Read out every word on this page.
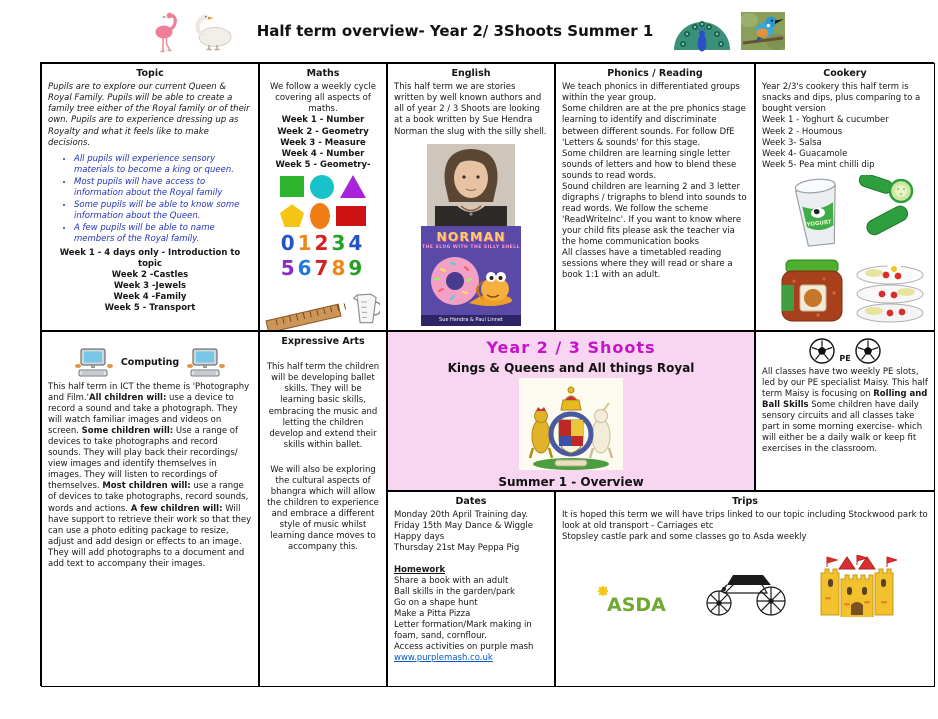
Half term overview- Year 2/ 3Shoots Summer 1
Topic
Pupils are to explore our current Queen & Royal Family. Pupils will be able to create a family tree either of the Royal family or of their own. Pupils are to experience dressing up as Royalty and what it feels like to make decisions.
• All pupils will experience sensory materials to become a king or queen.
• Most pupils will have access to information about the Royal family
• Some pupils will be able to know some information about the Queen.
• A few pupils will be able to name members of the Royal family.
Week 1 - 4 days only - Introduction to topic
Week 2 -Castles
Week 3 -Jewels
Week 4 -Family
Week 5 - Transport
Maths
We follow a weekly cycle covering all aspects of maths.
Week 1 - Number
Week 2 - Geometry
Week 3 - Measure
Week 4 - Number
Week 5 - Geometry-
01234
56789
English
This half term we are stories written by well known authors and all of year 2 / 3 Shoots are looking at a book written by Sue Hendra Norman the slug with the silly shell.
NORMAN
THE SLUG WITH THE SILLY SHELL
Sue Hendra & Paul Linnet
Phonics / Reading

We teach phonics in differentiated groups within the year group.

Some children are at the pre phonics stage learning to identify and discriminate between different sounds. For follow DfE 'Letters & sounds' for this stage.

Some children are learning single letter sounds of letters and how to blend these sounds to read words.

Sound children are learning 2 and 3 letter digraphs / trigraphs to blend into sounds to read words. We follow the scheme 'ReadWriteInc'. If you want to know where your child fits please ask the teacher via the home communication books

All classes have a timetabled reading sessions where they will read or share a book 1:1 with an adult.

Cookery
Year 2/3's cookery this half term is snacks and dips, plus comparing to a bought version
Week 1 - Yoghurt & cucumber
Week 2 - Houmous
Week 3- Salsa
Week 4- Guacamole
Week 5- Pea mint chilli dip
YOGURT
Computing
This half term in ICT the theme is 'Photography and Film.'All children will: use a device to record a sound and take a photograph. They will watch familiar images and videos on screen. Some children will: Use a range of devices to take photographs and record sounds. They will play back their recordings/ view images and identify themselves in images. They will listen to recordings of themselves. Most children will: use a range of devices to take photographs, record sounds, words and actions. A few children will: Will have support to retrieve their work so that they can use a photo editing package to resize, adjust and add design or effects to an image. They will add photographs to a document and add text to accompany their images.
Expressive Arts

This half term the children will be developing ballet skills. They will be learning basic skills, embracing the music and letting the children develop and extend their skills within ballet.

We will also be exploring the cultural aspects of bhangra which will allow the children to experience and embrace a different style of music whilst learning dance moves to accompany this.

Year 2 / 3 Shoots
Kings & Queens and All things Royal
Summer 1 - Overview
PE
All classes have two weekly PE slots, led by our PE specialist Maisy. This half term Maisy is focusing on Rolling and Ball Skills Some children have daily sensory circuits and all classes take part in some morning exercise- which will either be a daily walk or keep fit exercises in the classroom.
Dates
Monday 20th April Training day.
Friday 15th May Dance & Wiggle Happy days
Thursday 21st May Peppa Pig
Homework
Share a book with an adult
Ball skills in the garden/park
Go on a shape hunt
Make a Pitta Pizza
Letter formation/Mark making in foam, sand, cornflour.
Access activities on purple mash
www.purplemash.co.uk
Trips
It is hoped this term we will have trips linked to our topic including Stockwood park to look at old transport - Carriages etc
Stopsley castle park and some classes go to Asda weekly
ASDA
